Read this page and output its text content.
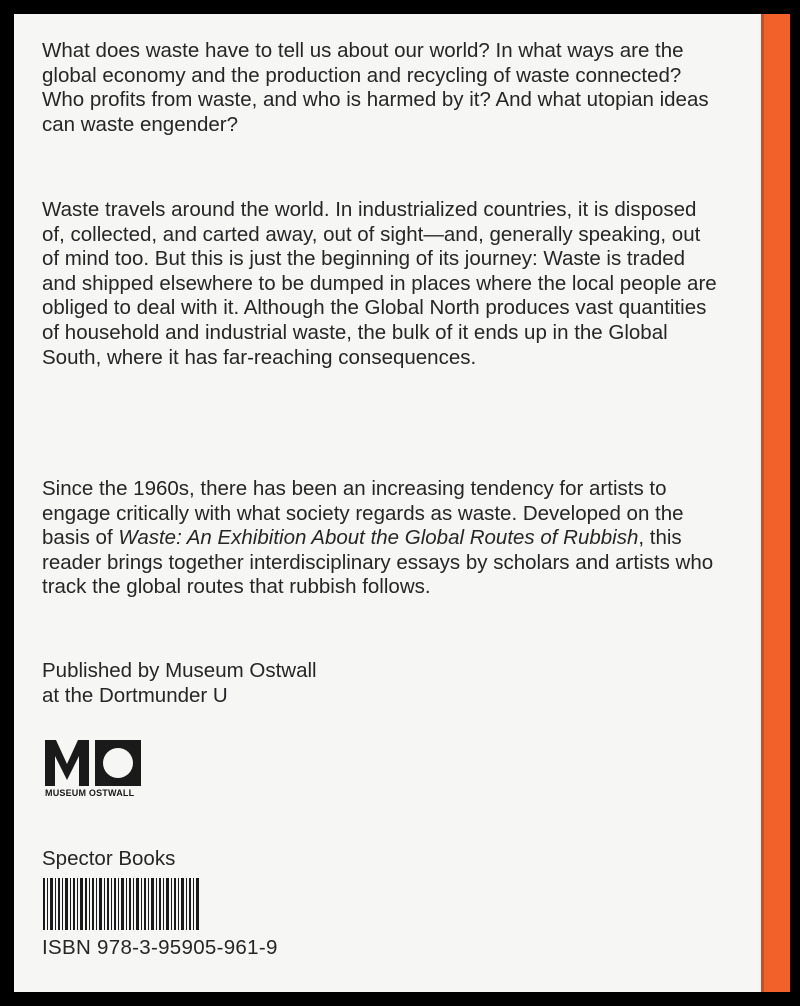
What does waste have to tell us about our world? In what ways are the global economy and the production and recycling of waste connected? Who profits from waste, and who is harmed by it? And what utopian ideas can waste engender?

Waste travels around the world. In industrialized countries, it is disposed of, collected, and carted away, out of sight—and, generally speaking, out of mind too. But this is just the beginning of its journey: Waste is traded and shipped elsewhere to be dumped in places where the local people are obliged to deal with it. Although the Global North produces vast quantities of household and industrial waste, the bulk of it ends up in the Global South, where it has far-reaching consequences.

Since the 1960s, there has been an increasing tendency for artists to engage critically with what society regards as waste. Developed on the basis of Waste: An Exhibition About the Global Routes of Rubbish, this reader brings together interdisciplinary essays by scholars and artists who track the global routes that rubbish follows.

Published by Museum Ostwall
at the Dortmunder U

MUSEUM OSTWALL

Spector Books

ISBN 978-3-95905-961-9
